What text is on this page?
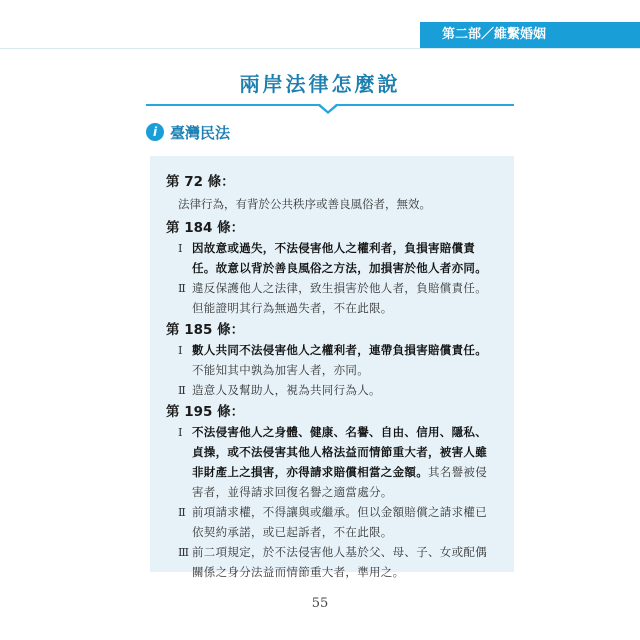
第二部／維繫婚姻
兩岸法律怎麼說
i 臺灣民法
第 72 條：
法律行為，有背於公共秩序或善良風俗者，無效。
第 184 條：
Ⅰ 因故意或過失，不法侵害他人之權利者，負損害賠償責任。故意以背於善良風俗之方法，加損害於他人者亦同。
Ⅱ 違反保護他人之法律，致生損害於他人者，負賠償責任。但能證明其行為無過失者，不在此限。
第 185 條：
Ⅰ 數人共同不法侵害他人之權利者，連帶負損害賠償責任。不能知其中孰為加害人者，亦同。
Ⅱ 造意人及幫助人，視為共同行為人。
第 195 條：
Ⅰ 不法侵害他人之身體、健康、名譽、自由、信用、隱私、貞操，或不法侵害其他人格法益而情節重大者，被害人雖非財產上之損害，亦得請求賠償相當之金額。其名譽被侵害者，並得請求回復名譽之適當處分。
Ⅱ 前項請求權，不得讓與或繼承。但以金額賠償之請求權已依契約承諾，或已起訴者，不在此限。
Ⅲ 前二項規定，於不法侵害他人基於父、母、子、女或配偶關係之身分法益而情節重大者，準用之。
55
